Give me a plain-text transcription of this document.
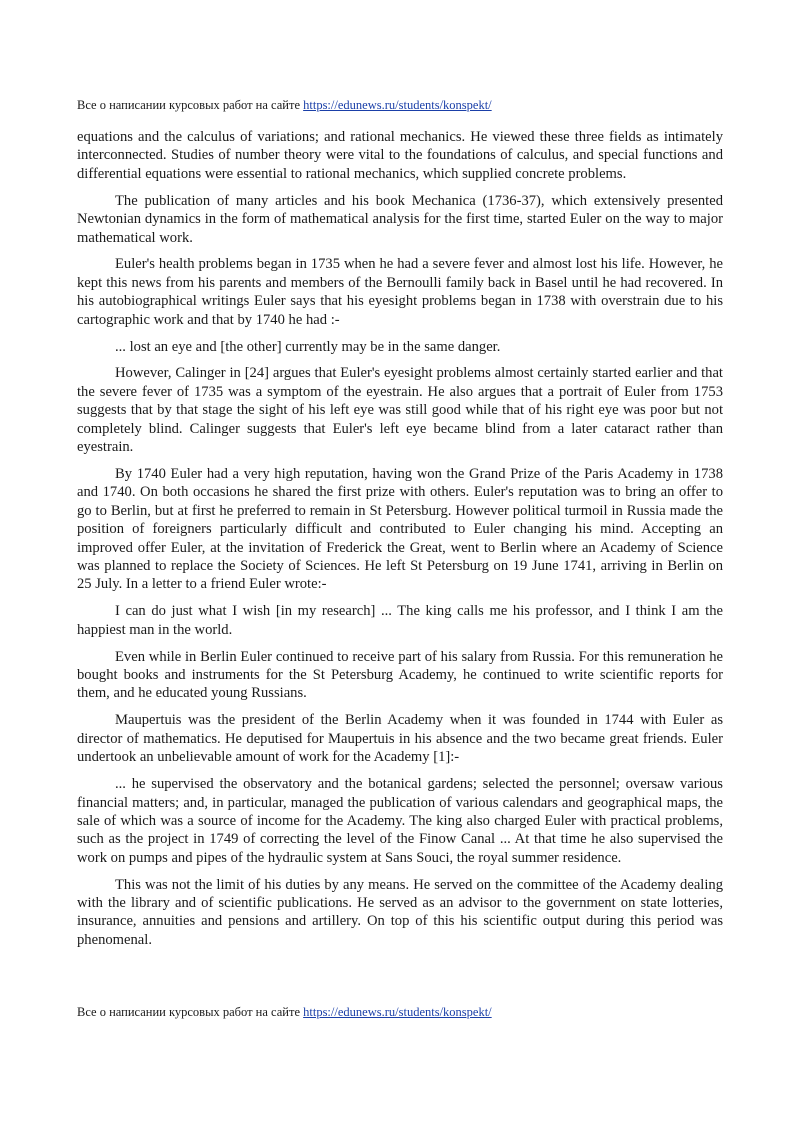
Все о написании курсовых работ на сайте https://edunews.ru/students/konspekt/

equations and the calculus of variations; and rational mechanics. He viewed these three fields as intimately interconnected. Studies of number theory were vital to the foundations of calculus, and special functions and differential equations were essential to rational mechanics, which supplied concrete problems.

The publication of many articles and his book Mechanica (1736-37), which extensively presented Newtonian dynamics in the form of mathematical analysis for the first time, started Euler on the way to major mathematical work.

Euler's health problems began in 1735 when he had a severe fever and almost lost his life. However, he kept this news from his parents and members of the Bernoulli family back in Basel until he had recovered. In his autobiographical writings Euler says that his eyesight problems began in 1738 with overstrain due to his cartographic work and that by 1740 he had :-

... lost an eye and [the other] currently may be in the same danger.

However, Calinger in [24] argues that Euler's eyesight problems almost certainly started earlier and that the severe fever of 1735 was a symptom of the eyestrain. He also argues that a portrait of Euler from 1753 suggests that by that stage the sight of his left eye was still good while that of his right eye was poor but not completely blind. Calinger suggests that Euler's left eye became blind from a later cataract rather than eyestrain.

By 1740 Euler had a very high reputation, having won the Grand Prize of the Paris Academy in 1738 and 1740. On both occasions he shared the first prize with others. Euler's reputation was to bring an offer to go to Berlin, but at first he preferred to remain in St Petersburg. However political turmoil in Russia made the position of foreigners particularly difficult and contributed to Euler changing his mind. Accepting an improved offer Euler, at the invitation of Frederick the Great, went to Berlin where an Academy of Science was planned to replace the Society of Sciences. He left St Petersburg on 19 June 1741, arriving in Berlin on 25 July. In a letter to a friend Euler wrote:-

I can do just what I wish [in my research] ... The king calls me his professor, and I think I am the happiest man in the world.

Even while in Berlin Euler continued to receive part of his salary from Russia. For this remuneration he bought books and instruments for the St Petersburg Academy, he continued to write scientific reports for them, and he educated young Russians.

Maupertuis was the president of the Berlin Academy when it was founded in 1744 with Euler as director of mathematics. He deputised for Maupertuis in his absence and the two became great friends. Euler undertook an unbelievable amount of work for the Academy [1]:-

... he supervised the observatory and the botanical gardens; selected the personnel; oversaw various financial matters; and, in particular, managed the publication of various calendars and geographical maps, the sale of which was a source of income for the Academy. The king also charged Euler with practical problems, such as the project in 1749 of correcting the level of the Finow Canal ... At that time he also supervised the work on pumps and pipes of the hydraulic system at Sans Souci, the royal summer residence.

This was not the limit of his duties by any means. He served on the committee of the Academy dealing with the library and of scientific publications. He served as an advisor to the government on state lotteries, insurance, annuities and pensions and artillery. On top of this his scientific output during this period was phenomenal.

Все о написании курсовых работ на сайте https://edunews.ru/students/konspekt/
